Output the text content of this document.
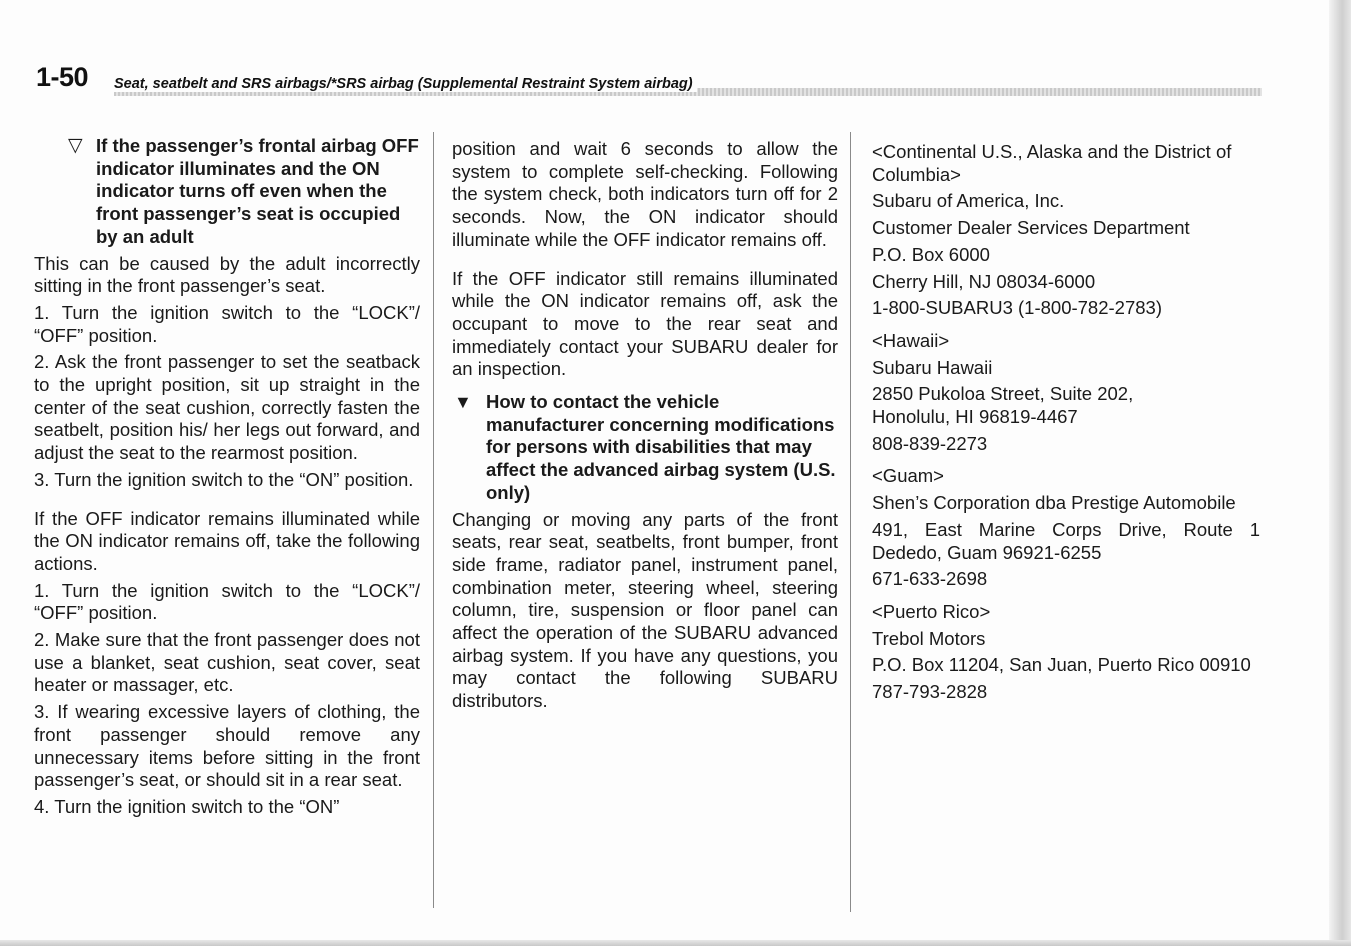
1-50 Seat, seatbelt and SRS airbags/*SRS airbag (Supplemental Restraint System airbag)

▽ If the passenger’s frontal airbag OFF indicator illuminates and the ON indicator turns off even when the front passenger’s seat is occupied by an adult

This can be caused by the adult incorrectly sitting in the front passenger’s seat.

1. Turn the ignition switch to the “LOCK”/ “OFF” position.

2. Ask the front passenger to set the seatback to the upright position, sit up straight in the center of the seat cushion, correctly fasten the seatbelt, position his/ her legs out forward, and adjust the seat to the rearmost position.

3. Turn the ignition switch to the “ON” position.

If the OFF indicator remains illuminated while the ON indicator remains off, take the following actions.

1. Turn the ignition switch to the “LOCK”/ “OFF” position.

2. Make sure that the front passenger does not use a blanket, seat cushion, seat cover, seat heater or massager, etc.

3. If wearing excessive layers of clothing, the front passenger should remove any unnecessary items before sitting in the front passenger’s seat, or should sit in a rear seat.

4. Turn the ignition switch to the “ON”

position and wait 6 seconds to allow the system to complete self-checking. Following the system check, both indicators turn off for 2 seconds. Now, the ON indicator should illuminate while the OFF indicator remains off.

If the OFF indicator still remains illuminated while the ON indicator remains off, ask the occupant to move to the rear seat and immediately contact your SUBARU dealer for an inspection.

▼ How to contact the vehicle manufacturer concerning modifications for persons with disabilities that may affect the advanced airbag system (U.S. only)

Changing or moving any parts of the front seats, rear seat, seatbelts, front bumper, front side frame, radiator panel, instrument panel, combination meter, steering wheel, steering column, tire, suspension or floor panel can affect the operation of the SUBARU advanced airbag system. If you have any questions, you may contact the following SUBARU distributors.

<Continental U.S., Alaska and the District of Columbia>

Subaru of America, Inc.

Customer Dealer Services Department

P.O. Box 6000

Cherry Hill, NJ 08034-6000

1-800-SUBARU3 (1-800-782-2783)

<Hawaii>

Subaru Hawaii

2850 Pukoloa Street, Suite 202, Honolulu, HI 96819-4467

808-839-2273

<Guam>

Shen’s Corporation dba Prestige Automobile

491, East Marine Corps Drive, Route 1 Dededo, Guam 96921-6255

671-633-2698

<Puerto Rico>

Trebol Motors

P.O. Box 11204, San Juan, Puerto Rico 00910

787-793-2828
